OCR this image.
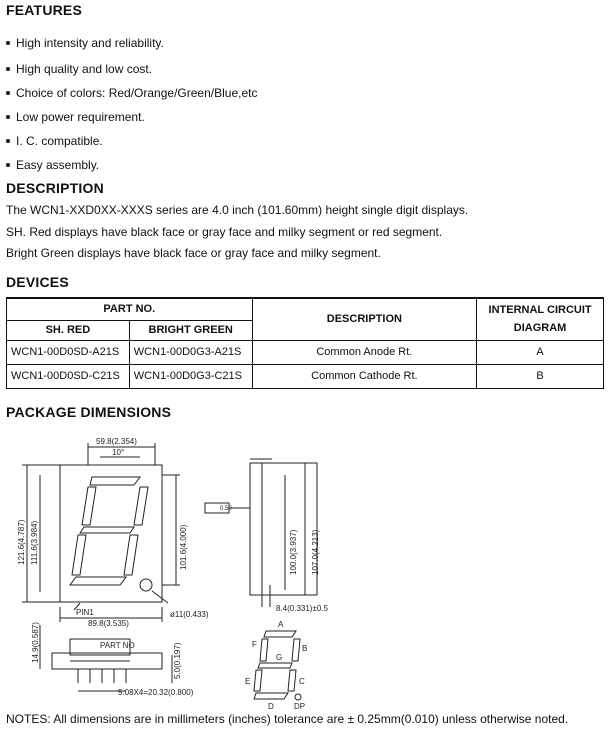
FEATURES
High intensity and reliability.
High quality and low cost.
Choice of colors: Red/Orange/Green/Blue,etc
Low power requirement.
I. C. compatible.
Easy assembly.
DESCRIPTION
The WCN1-XXD0XX-XXXS series are 4.0 inch (101.60mm) height single digit displays.
SH. Red displays have black face or gray face and milky segment or red segment.
Bright Green displays have black face or gray face and milky segment.
DEVICES
PART NO.		DESCRIPTION	INTERNAL CIRCUIT
DIAGRAM
SH. RED	BRIGHT GREEN		
WCN1-00D0SD-A21S	WCN1-00D0G3-A21S	Common Anode Rt.	A
WCN1-00D0SD-C21S	WCN1-00D0G3-C21S	Common Cathode Rt.	B
PACKAGE DIMENSIONS
59.8(2.354)
10°
121.6(4.787) 111.6(3.984)	101.6(4.000)
89.8(3.535)
ø11(0.433)
PIN1
14.9(0.587)	PART NO	5.0(0.197)
5.08X4=20.32(0.800)
107.0(4.213)
100.0(3.937)
8.4(0.331)±0.5
0.50
A
B
C
D
E
F
G
DP
NOTES: All dimensions are in millimeters (inches) tolerance are ± 0.25mm(0.010) unless otherwise noted.
